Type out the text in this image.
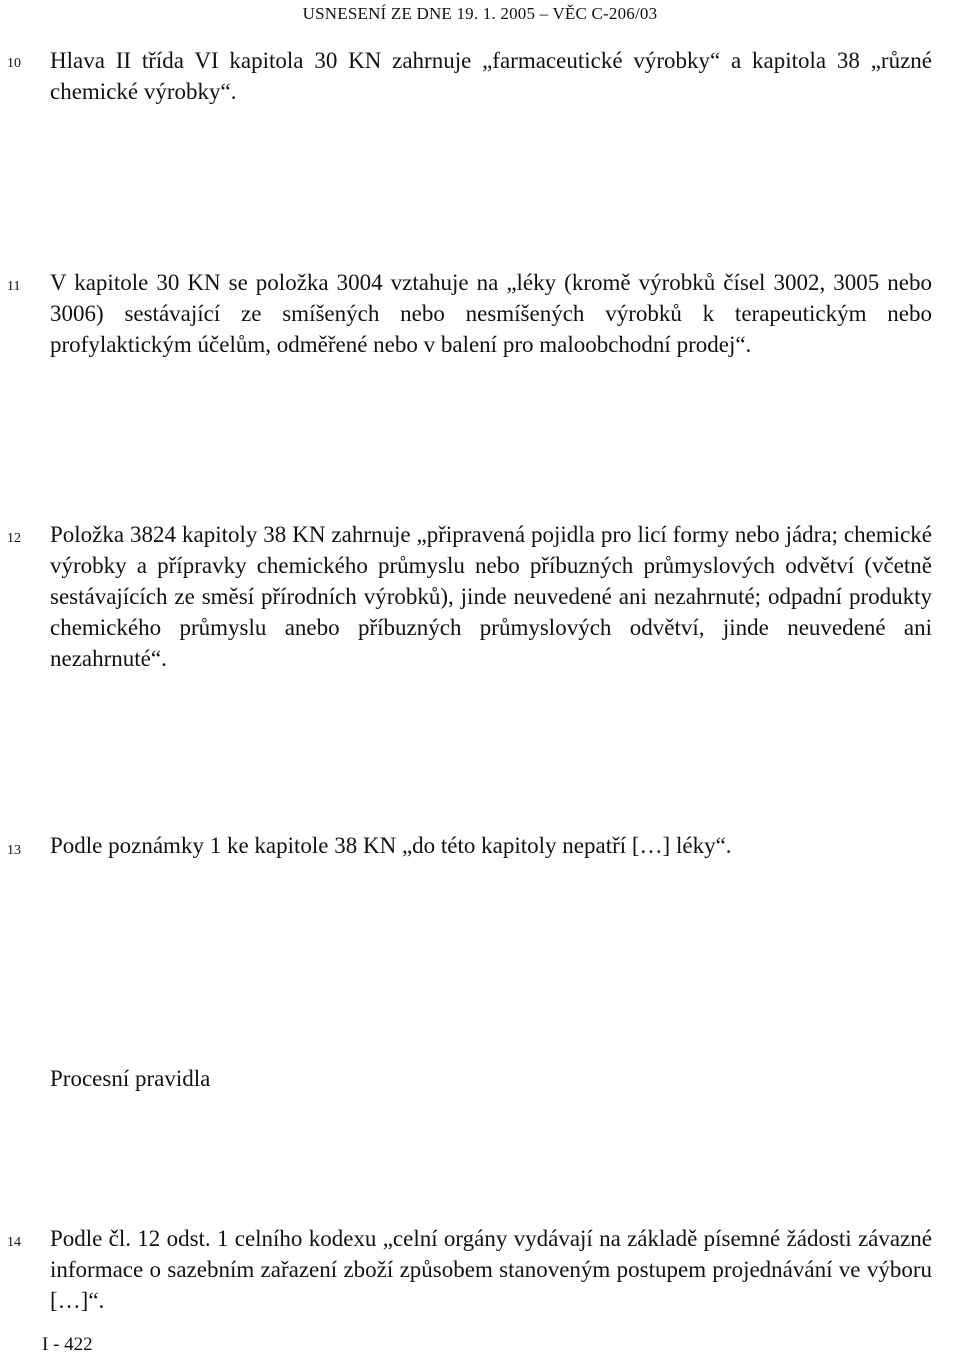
USNESENÍ ZE DNE 19. 1. 2005 – VĚC C-206/03
10 Hlava II třída VI kapitola 30 KN zahrnuje „farmaceutické výrobky“ a kapitola 38 „různé chemické výrobky“.
11 V kapitole 30 KN se položka 3004 vztahuje na „léky (kromě výrobků čísel 3002, 3005 nebo 3006) sestávající ze smíšených nebo nesmíšených výrobků k terapeutickým nebo profylaktickým účelům, odměřené nebo v balení pro maloobchodní prodej“.
12 Položka 3824 kapitoly 38 KN zahrnuje „připravená pojidla pro licí formy nebo jádra; chemické výrobky a přípravky chemického průmyslu nebo příbuzných průmyslových odvětví (včetně sestávajících ze směsí přírodních výrobků), jinde neuvedené ani nezahrnuté; odpadní produkty chemického průmyslu anebo příbuzných průmyslových odvětví, jinde neuvedené ani nezahrnuté“.
13 Podle poznámky 1 ke kapitole 38 KN „do této kapitoly nepatří […] léky“.
Procesní pravidla
14 Podle čl. 12 odst. 1 celního kodexu „celní orgány vydávají na základě písemné žádosti závazné informace o sazebním zařazení zboží způsobem stanoveným postupem projednávání ve výboru […]“.
I - 422
